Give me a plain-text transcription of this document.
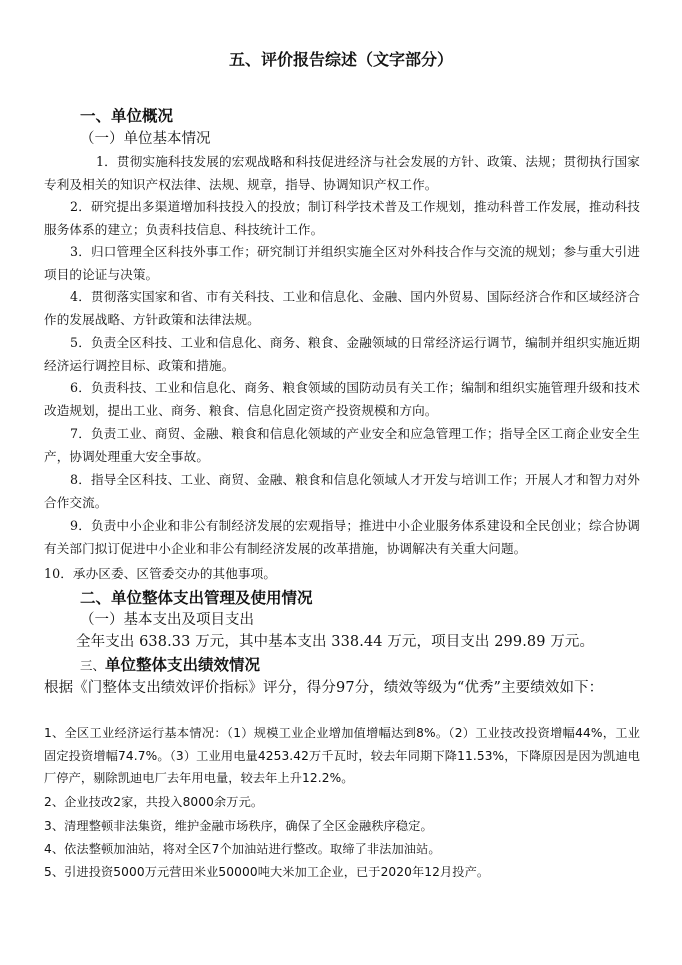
五、评价报告综述（文字部分）
一、单位概况
（一）单位基本情况

1．贯彻实施科技发展的宏观战略和科技促进经济与社会发展的方针、政策、法规；贯彻执行国家专利及相关的知识产权法律、法规、规章，指导、协调知识产权工作。

2．研究提出多渠道增加科技投入的投放；制订科学技术普及工作规划，推动科普工作发展，推动科技服务体系的建立；负责科技信息、科技统计工作。

3．归口管理全区科技外事工作；研究制订并组织实施全区对外科技合作与交流的规划；参与重大引进项目的论证与决策。

4．贯彻落实国家和省、市有关科技、工业和信息化、金融、国内外贸易、国际经济合作和区域经济合作的发展战略、方针政策和法律法规。

5．负责全区科技、工业和信息化、商务、粮食、金融领域的日常经济运行调节，编制并组织实施近期经济运行调控目标、政策和措施。

6．负责科技、工业和信息化、商务、粮食领域的国防动员有关工作；编制和组织实施管理升级和技术改造规划，提出工业、商务、粮食、信息化固定资产投资规模和方向。

7．负责工业、商贸、金融、粮食和信息化领域的产业安全和应急管理工作；指导全区工商企业安全生产，协调处理重大安全事故。

8．指导全区科技、工业、商贸、金融、粮食和信息化领域人才开发与培训工作；开展人才和智力对外合作交流。

9．负责中小企业和非公有制经济发展的宏观指导；推进中小企业服务体系建设和全民创业；综合协调有关部门拟订促进中小企业和非公有制经济发展的改革措施，协调解决有关重大问题。

10．承办区委、区管委交办的其他事项。

二、单位整体支出管理及使用情况
（一）基本支出及项目支出

全年支出 638.33 万元，其中基本支出 338.44 万元，项目支出 299.89 万元。

三、单位整体支出绩效情况

根据《门整体支出绩效评价指标》评分，得分97分，绩效等级为“优秀”主要绩效如下：

1、全区工业经济运行基本情况：（1）规模工业企业增加值增幅达到8%。（2）工业技改投资增幅44%，工业固定投资增幅74.7%。（3）工业用电量4253.42万千瓦时，较去年同期下降11.53%，下降原因是因为凯迪电厂停产，剔除凯迪电厂去年用电量，较去年上升12.2%。

2、企业技改2家，共投入8000余万元。

3、清理整顿非法集资，维护金融市场秩序，确保了全区金融秩序稳定。

4、依法整顿加油站，将对全区7个加油站进行整改。取缔了非法加油站。

5、引进投资5000万元营田米业50000吨大米加工企业，已于2020年12月投产。
